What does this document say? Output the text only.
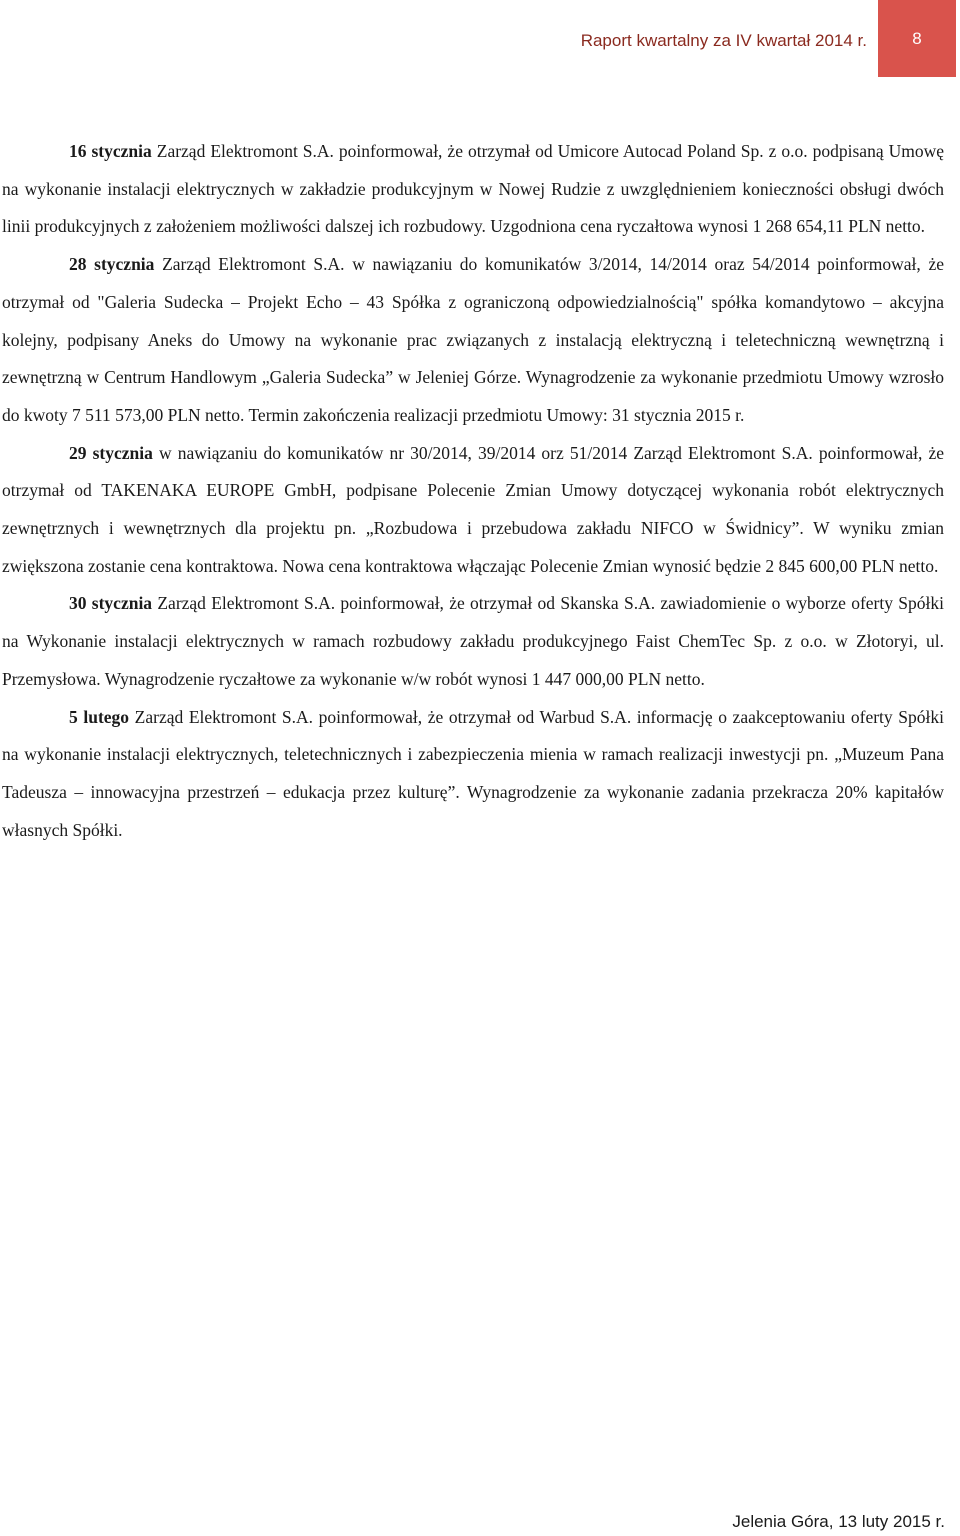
Raport kwartalny za IV kwartał 2014 r.	8

16 stycznia Zarząd Elektromont S.A. poinformował, że otrzymał od Umicore Autocad Poland Sp. z o.o. podpisaną Umowę na wykonanie instalacji elektrycznych w zakładzie produkcyjnym w Nowej Rudzie z uwzględnieniem konieczności obsługi dwóch linii produkcyjnych z założeniem możliwości dalszej ich rozbudowy. Uzgodniona cena ryczałtowa wynosi 1 268 654,11 PLN netto.

28 stycznia Zarząd Elektromont S.A. w nawiązaniu do komunikatów 3/2014, 14/2014 oraz 54/2014 poinformował, że otrzymał od "Galeria Sudecka – Projekt Echo – 43 Spółka z ograniczoną odpowiedzialnością" spółka komandytowo – akcyjna kolejny, podpisany Aneks do Umowy na wykonanie prac związanych z instalacją elektryczną i teletechniczną wewnętrzną i zewnętrzną w Centrum Handlowym „Galeria Sudecka” w Jeleniej Górze. Wynagrodzenie za wykonanie przedmiotu Umowy wzrosło do kwoty 7 511 573,00 PLN netto. Termin zakończenia realizacji przedmiotu Umowy: 31 stycznia 2015 r.

29 stycznia w nawiązaniu do komunikatów nr 30/2014, 39/2014 orz 51/2014 Zarząd Elektromont S.A. poinformował, że otrzymał od TAKENAKA EUROPE GmbH, podpisane Polecenie Zmian Umowy dotyczącej wykonania robót elektrycznych zewnętrznych i wewnętrznych dla projektu pn. „Rozbudowa i przebudowa zakładu NIFCO w Świdnicy”. W wyniku zmian zwiększona zostanie cena kontraktowa. Nowa cena kontraktowa włączając Polecenie Zmian wynosić będzie 2 845 600,00 PLN netto.

30 stycznia Zarząd Elektromont S.A. poinformował, że otrzymał od Skanska S.A. zawiadomienie o wyborze oferty Spółki na Wykonanie instalacji elektrycznych w ramach rozbudowy zakładu produkcyjnego Faist ChemTec Sp. z o.o. w Złotoryi, ul. Przemysłowa. Wynagrodzenie ryczałtowe za wykonanie w/w robót wynosi 1 447 000,00 PLN netto.

5 lutego Zarząd Elektromont S.A. poinformował, że otrzymał od Warbud S.A. informację o zaakceptowaniu oferty Spółki na wykonanie instalacji elektrycznych, teletechnicznych i zabezpieczenia mienia w ramach realizacji inwestycji pn. „Muzeum Pana Tadeusza – innowacyjna przestrzeń – edukacja przez kulturę”. Wynagrodzenie za wykonanie zadania przekracza 20% kapitałów własnych Spółki.

Jelenia Góra, 13 luty 2015 r.
